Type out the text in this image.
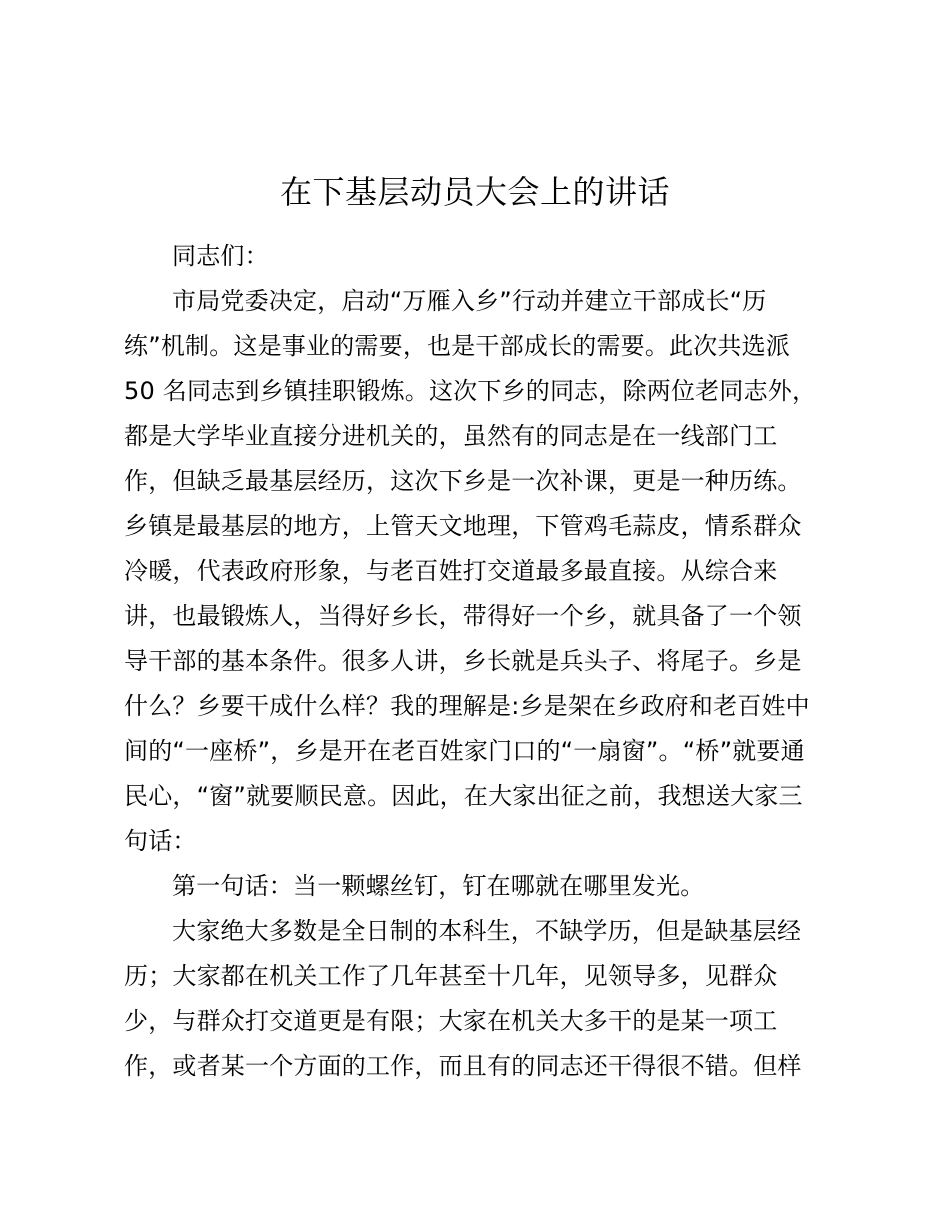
在下基层动员大会上的讲话
同志们：
市局党委决定，启动“万雁入乡”行动并建立干部成长“历
练”机制。这是事业的需要，也是干部成长的需要。此次共选派
50 名同志到乡镇挂职锻炼。这次下乡的同志，除两位老同志外，
都是大学毕业直接分进机关的，虽然有的同志是在一线部门工
作，但缺乏最基层经历，这次下乡是一次补课，更是一种历练。
乡镇是最基层的地方，上管天文地理，下管鸡毛蒜皮，情系群众
冷暖，代表政府形象，与老百姓打交道最多最直接。从综合来
讲，也最锻炼人，当得好乡长，带得好一个乡，就具备了一个领
导干部的基本条件。很多人讲，乡长就是兵头子、将尾子。乡是
什么？乡要干成什么样？我的理解是:乡是架在乡政府和老百姓中
间的“一座桥”，乡是开在老百姓家门口的“一扇窗”。“桥”就要通
民心，“窗”就要顺民意。因此，在大家出征之前，我想送大家三
句话：
第一句话：当一颗螺丝钉，钉在哪就在哪里发光。
大家绝大多数是全日制的本科生，不缺学历，但是缺基层经
历；大家都在机关工作了几年甚至十几年，见领导多，见群众
少，与群众打交道更是有限；大家在机关大多干的是某一项工
作，或者某一个方面的工作，而且有的同志还干得很不错。但样
